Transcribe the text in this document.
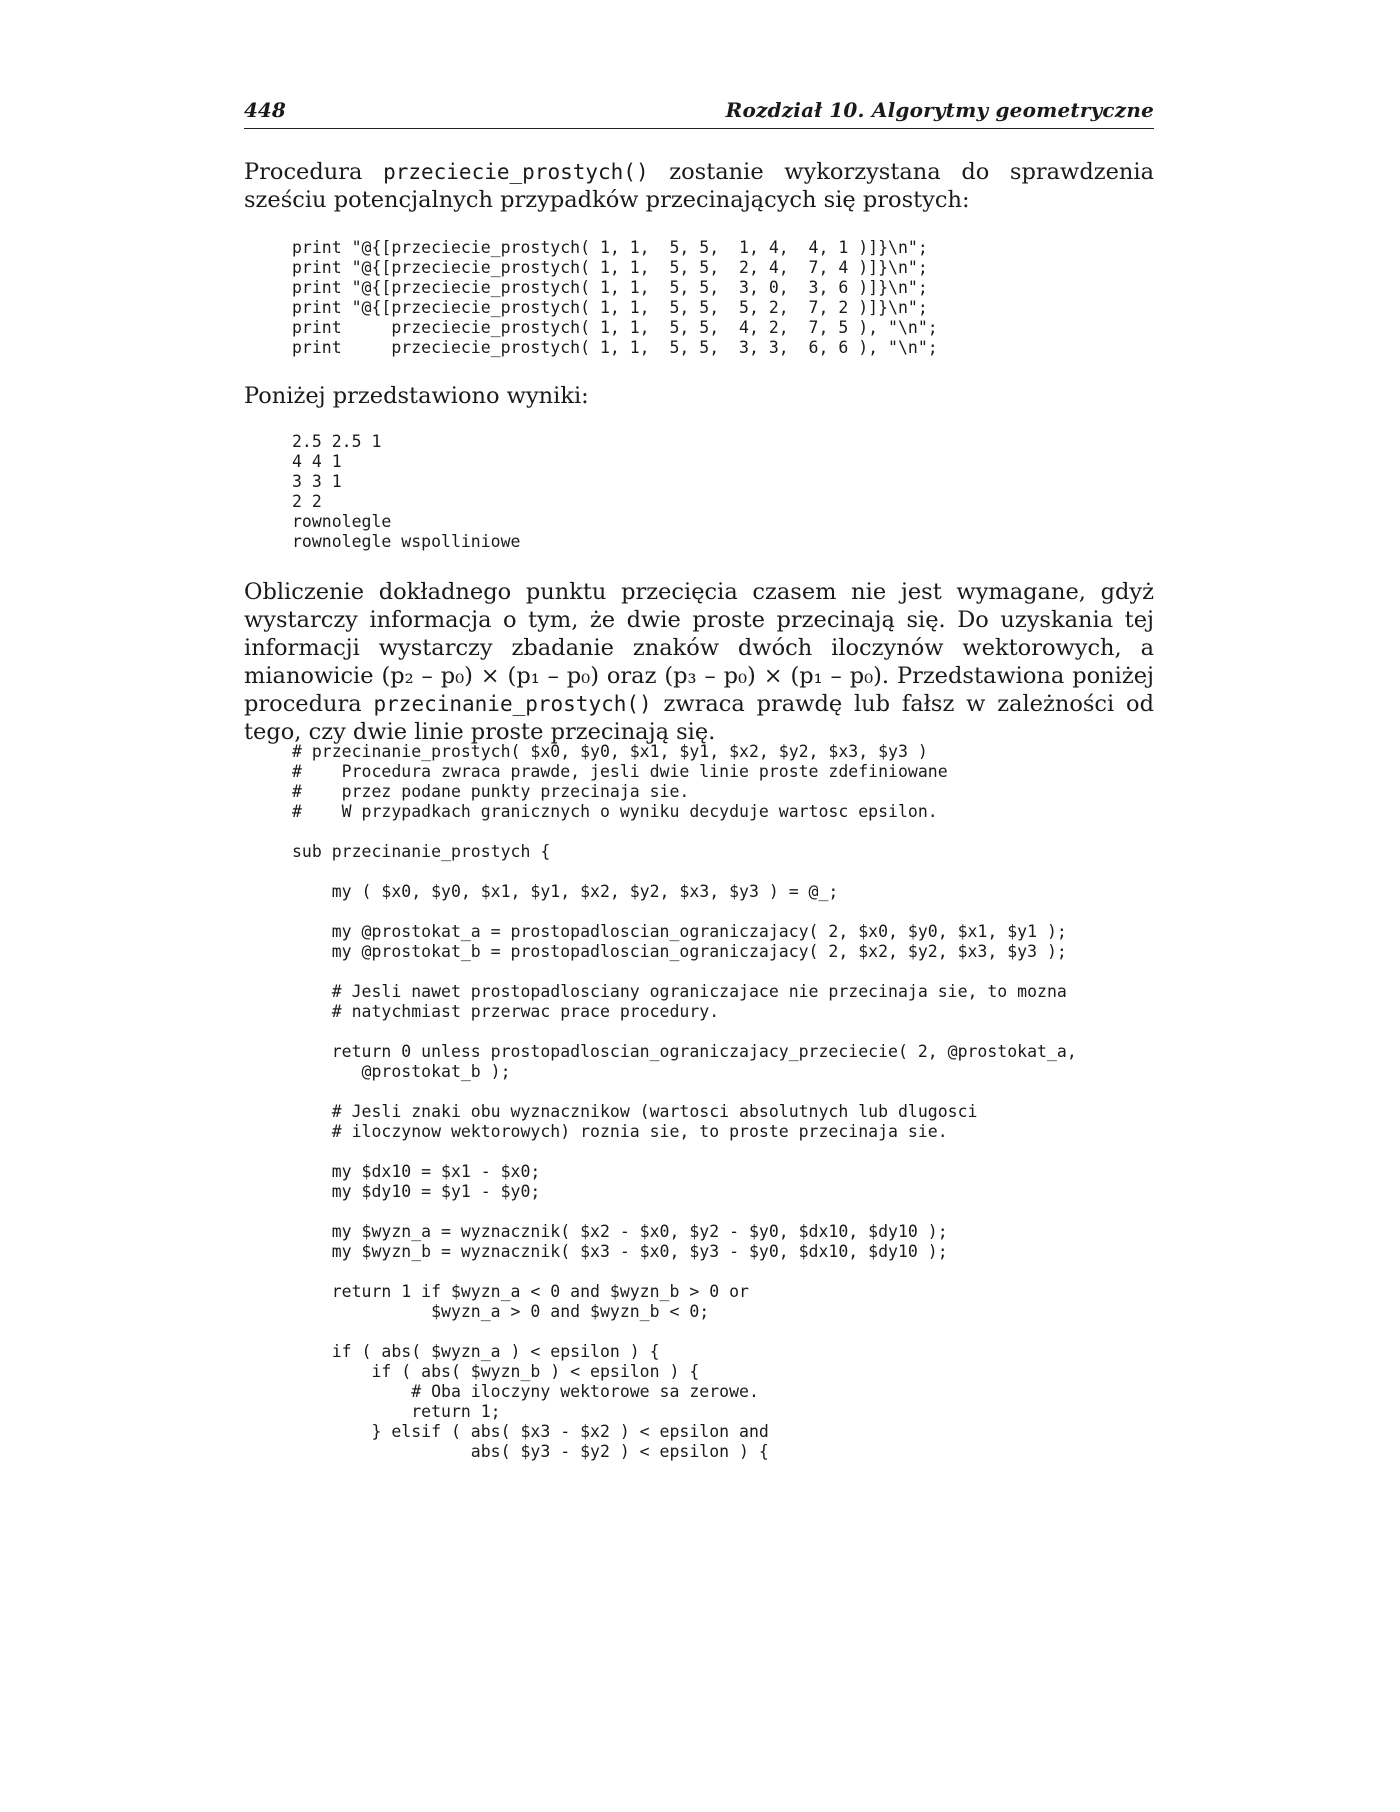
448	Rozdział 10. Algorytmy geometryczne

Procedura przeciecie_prostych() zostanie wykorzystana do sprawdzenia sześciu potencjalnych przypadków przecinających się prostych:

print "@{[przeciecie_prostych( 1, 1,  5, 5,  1, 4,  4, 1 )]}\n";
print "@{[przeciecie_prostych( 1, 1,  5, 5,  2, 4,  7, 4 )]}\n";
print "@{[przeciecie_prostych( 1, 1,  5, 5,  3, 0,  3, 6 )]}\n";
print "@{[przeciecie_prostych( 1, 1,  5, 5,  5, 2,  7, 2 )]}\n";
print     przeciecie_prostych( 1, 1,  5, 5,  4, 2,  7, 5 ), "\n";
print     przeciecie_prostych( 1, 1,  5, 5,  3, 3,  6, 6 ), "\n";

Poniżej przedstawiono wyniki:

2.5 2.5 1
4 4 1
3 3 1
2 2
rownolegle
rownolegle wspolliniowe

Obliczenie dokładnego punktu przecięcia czasem nie jest wymagane, gdyż wystarczy informacja o tym, że dwie proste przecinają się. Do uzyskania tej informacji wystarczy zbadanie znaków dwóch iloczynów wektorowych, a mianowicie (p₂ – p₀) × (p₁ – p₀) oraz (p₃ – p₀) × (p₁ – p₀). Przedstawiona poniżej procedura przecinanie_prostych() zwraca prawdę lub fałsz w zależności od tego, czy dwie linie proste przecinają się.

# przecinanie_prostych( $x0, $y0, $x1, $y1, $x2, $y2, $x3, $y3 )
#    Procedura zwraca prawde, jesli dwie linie proste zdefiniowane
#    przez podane punkty przecinaja sie.
#    W przypadkach granicznych o wyniku decyduje wartosc epsilon.
sub przecinanie_prostych {
my ( $x0, $y0, $x1, $y1, $x2, $y2, $x3, $y3 ) = @_;
my @prostokat_a = prostopadloscian_ograniczajacy( 2, $x0, $y0, $x1, $y1 );
my @prostokat_b = prostopadloscian_ograniczajacy( 2, $x2, $y2, $x3, $y3 );
# Jesli nawet prostopadlosciany ograniczajace nie przecinaja sie, to mozna
# natychmiast przerwac prace procedury.
return 0 unless prostopadloscian_ograniczajacy_przeciecie( 2, @prostokat_a,
@prostokat_b );
# Jesli znaki obu wyznacznikow (wartosci absolutnych lub dlugosci
# iloczynow wektorowych) roznia sie, to proste przecinaja sie.
my $dx10 = $x1 - $x0;
my $dy10 = $y1 - $y0;
my $wyzn_a = wyznacznik( $x2 - $x0, $y2 - $y0, $dx10, $dy10 );
my $wyzn_b = wyznacznik( $x3 - $x0, $y3 - $y0, $dx10, $dy10 );
return 1 if $wyzn_a < 0 and $wyzn_b > 0 or
$wyzn_a > 0 and $wyzn_b < 0;
if ( abs( $wyzn_a ) < epsilon ) {
if ( abs( $wyzn_b ) < epsilon ) {
# Oba iloczyny wektorowe sa zerowe.
return 1;
} elsif ( abs( $x3 - $x2 ) < epsilon and
abs( $y3 - $y2 ) < epsilon ) {
